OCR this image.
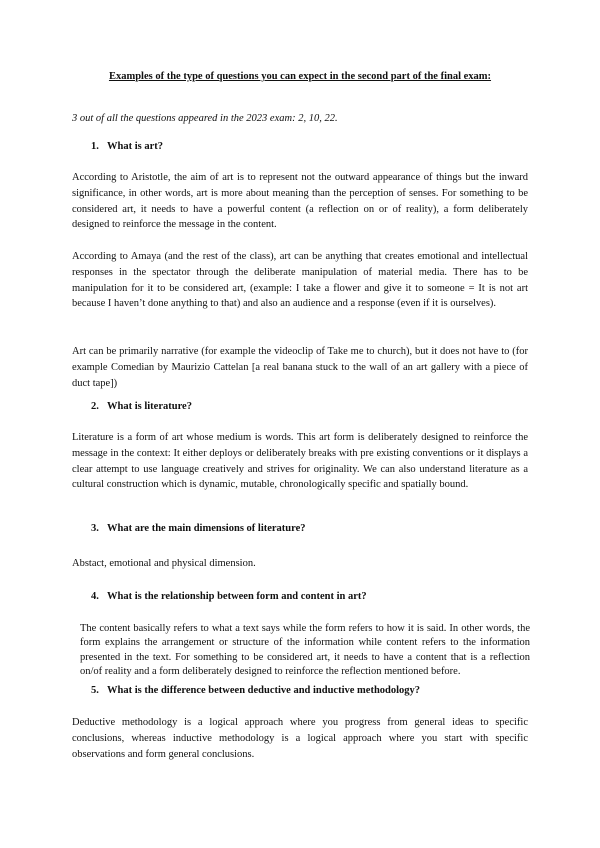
Examples of the type of questions you can expect in the second part of the final exam:
3 out of all the questions appeared in the 2023 exam: 2, 10, 22.
1. What is art?
According to Aristotle, the aim of art is to represent not the outward appearance of things but the inward significance, in other words, art is more about meaning than the perception of senses. For something to be considered art, it needs to have a powerful content (a reflection on or of reality), a form deliberately designed to reinforce the message in the content.
According to Amaya (and the rest of the class), art can be anything that creates emotional and intellectual responses in the spectator through the deliberate manipulation of material media. There has to be manipulation for it to be considered art, (example: I take a flower and give it to someone = It is not art because I haven’t done anything to that) and also an audience and a response (even if it is ourselves).
Art can be primarily narrative (for example the videoclip of Take me to church), but it does not have to (for example Comedian by Maurizio Cattelan [a real banana stuck to the wall of an art gallery with a piece of duct tape])
2. What is literature?
Literature is a form of art whose medium is words. This art form is deliberately designed to reinforce the message in the context: It either deploys or deliberately breaks with pre existing conventions or it displays a clear attempt to use language creatively and strives for originality. We can also understand literature as a cultural construction which is dynamic, mutable, chronologically specific and spatially bound.
3. What are the main dimensions of literature?
Abstact, emotional and physical dimension.
4. What is the relationship between form and content in art?
The content basically refers to what a text says while the form refers to how it is said. In other words, the form explains the arrangement or structure of the information while content refers to the information presented in the text. For something to be considered art, it needs to have a content that is a reflection on/of reality and a form deliberately designed to reinforce the reflection mentioned before.
5. What is the difference between deductive and inductive methodology?
Deductive methodology is a logical approach where you progress from general ideas to specific conclusions, whereas inductive methodology is a logical approach where you start with specific observations and form general conclusions.
